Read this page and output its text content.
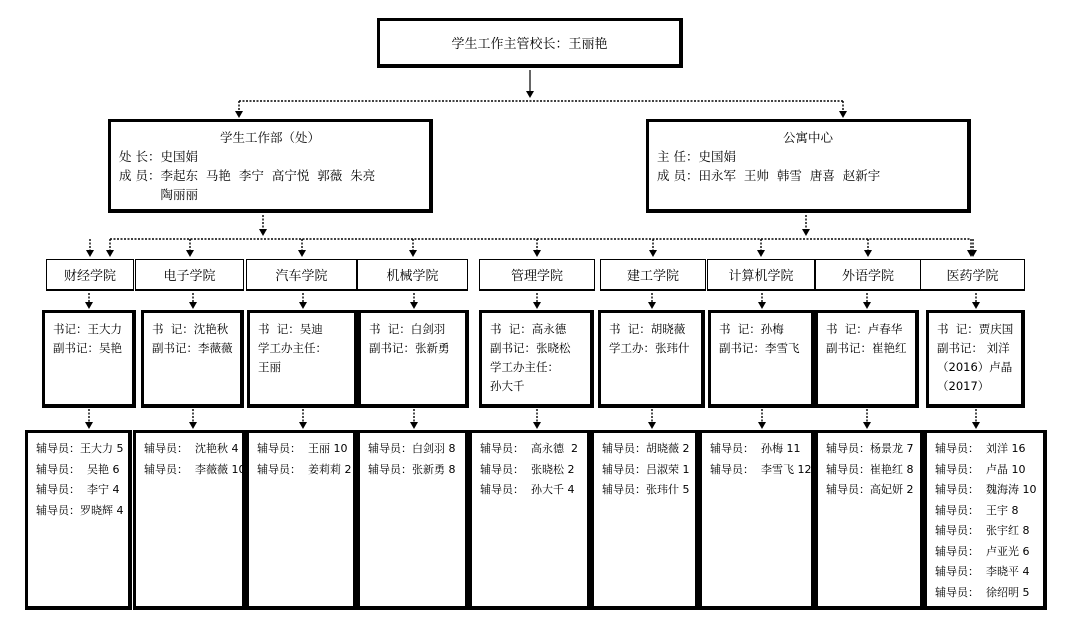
学生工作主管校长：王丽艳
学生工作部（处）
处 长： 史国娟
成 员： 李起东  马艳  李宁  高宁悦  郭薇  朱亮
陶丽丽
公寓中心
主 任： 史国娟
成 员： 田永军  王帅  韩雪  唐喜  赵新宇
财经学院
书记：王大力
副书记：吴艳
辅导员：王大力 5
辅导员：  吴艳 6
辅导员：  李宁 4
辅导员：罗晓辉 4
电子学院
书  记：沈艳秋
副书记：李薇薇
辅导员：  沈艳秋 4
辅导员：  李薇薇 10
汽车学院
书  记：吴迪
学工办主任：
王丽
辅导员：  王丽 10
辅导员：  姜莉莉 2
机械学院
书  记：白剑羽
副书记：张新勇
辅导员：白剑羽 8
辅导员：张新勇 8
管理学院
书  记：高永德
副书记：张晓松
学工办主任：
孙大千
辅导员：  高永德  2
辅导员：  张晓松 2
辅导员：  孙大千 4
建工学院
书  记：胡晓薇
学工办：张玮什
辅导员：胡晓薇 2
辅导员：吕淑荣 1
辅导员：张玮什 5
计算机学院
书  记：孙梅
副书记：李雪飞
辅导员：  孙梅 11
辅导员：  李雪飞 12
外语学院
书  记：卢春华
副书记：崔艳红
辅导员：杨景龙 7
辅导员：崔艳红 8
辅导员：高妃妍 2
医药学院
书  记：贾庆国
副书记： 刘洋
（2016）卢晶
（2017）
辅导员：  刘洋 16
辅导员：  卢晶 10
辅导员：  魏海涛 10
辅导员：  王宇 8
辅导员：  张宇红 8
辅导员：  卢亚光 6
辅导员：  李晓平 4
辅导员：  徐绍明 5
